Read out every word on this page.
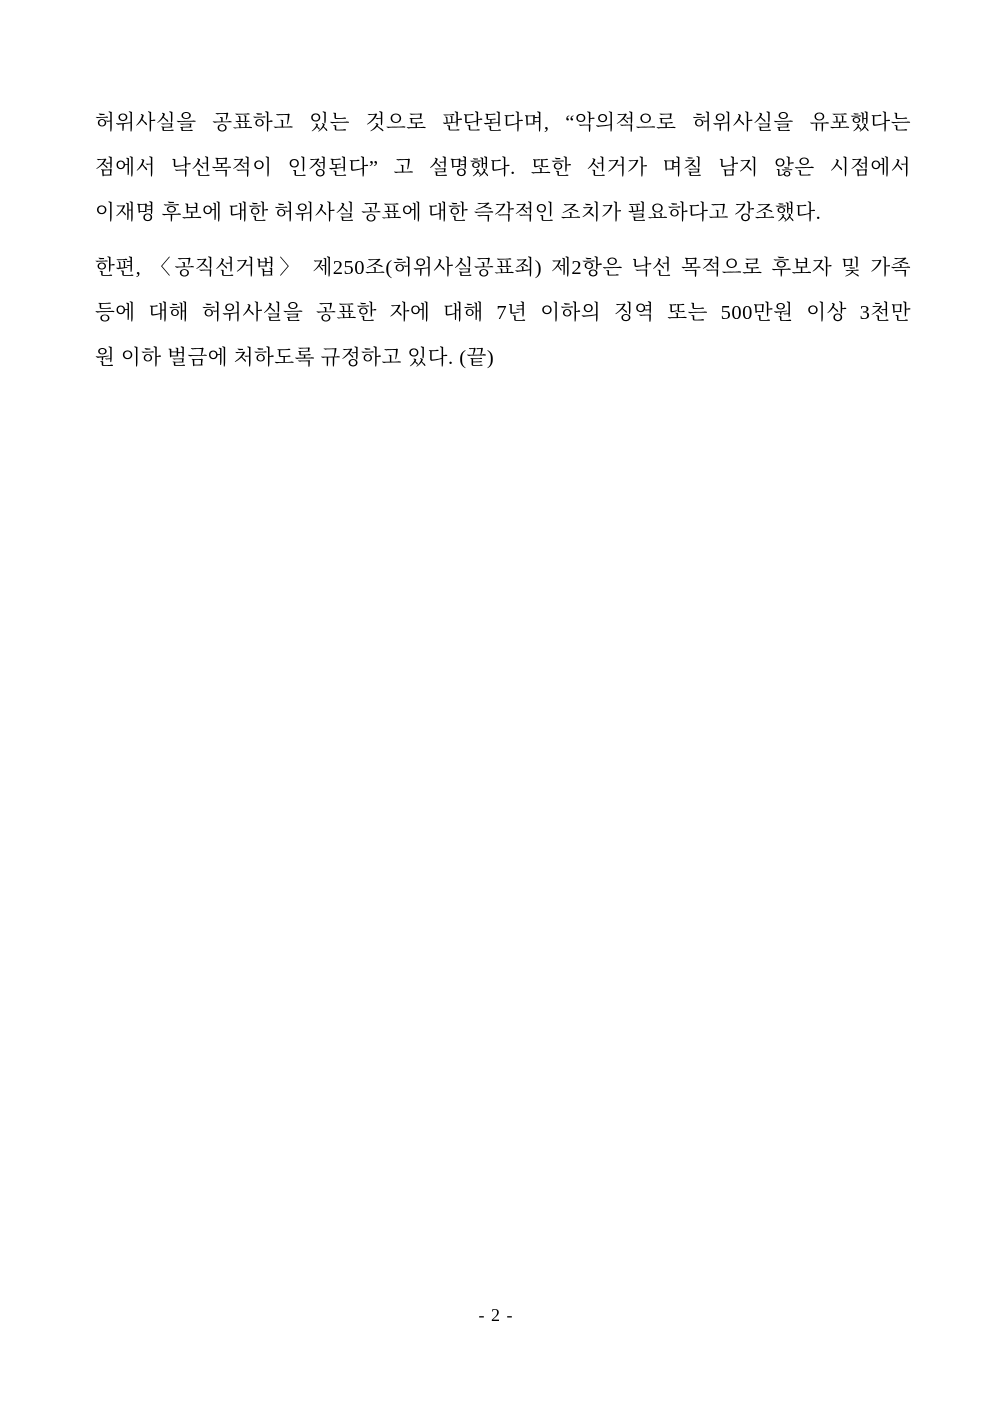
허위사실을 공표하고 있는 것으로 판단된다며, “악의적으로 허위사실을 유포했다는
점에서 낙선목적이 인정된다” 고 설명했다. 또한 선거가 며칠 남지 않은 시점에서
이재명 후보에 대한 허위사실 공표에 대한 즉각적인 조치가 필요하다고 강조했다.

한편, 〈공직선거법〉 제250조(허위사실공표죄) 제2항은 낙선 목적으로 후보자 및 가족
등에 대해 허위사실을 공표한 자에 대해 7년 이하의 징역 또는 500만원 이상 3천만
원 이하 벌금에 처하도록 규정하고 있다. (끝)

- 2 -
